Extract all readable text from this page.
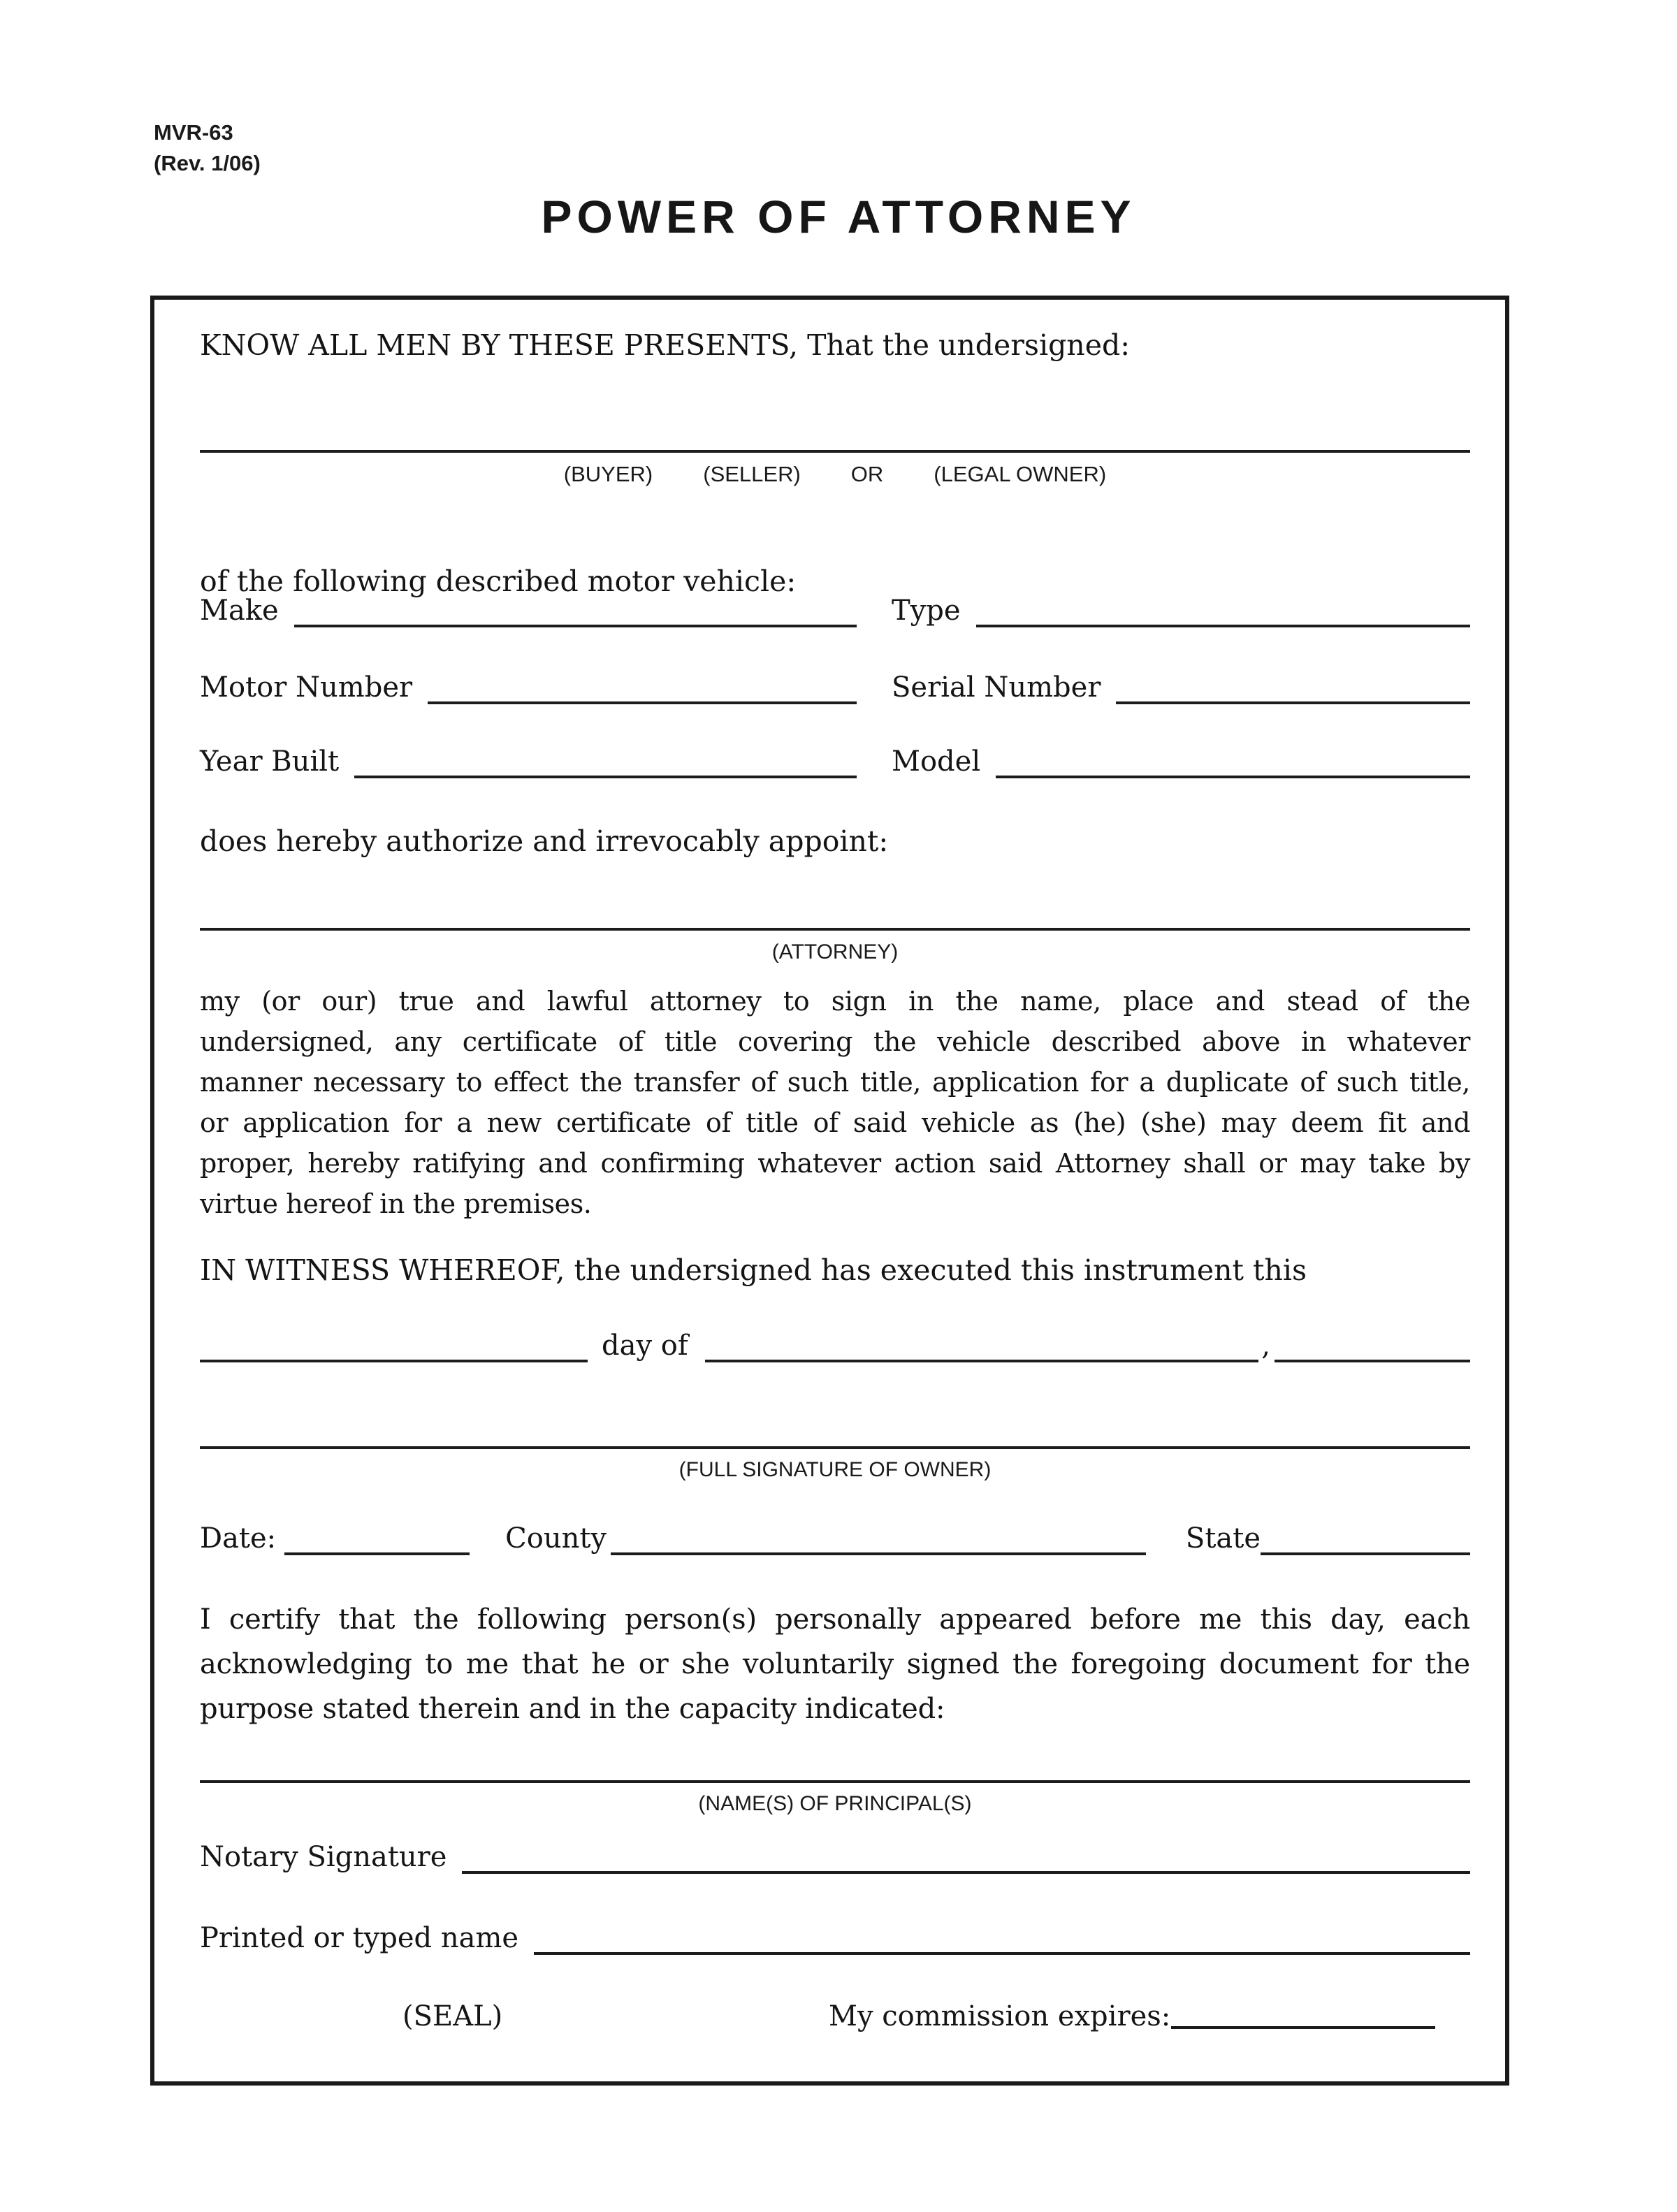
MVR-63
(Rev. 1/06)
POWER OF ATTORNEY
KNOW ALL MEN BY THESE PRESENTS, That the undersigned:
(BUYER) (SELLER) OR (LEGAL OWNER)
of the following described motor vehicle:
Make	Type
Motor Number	Serial Number
Year Built	Model
does hereby authorize and irrevocably appoint:
(ATTORNEY)
my (or our) true and lawful attorney to sign in the name, place and stead of the
undersigned, any certificate of title covering the vehicle described above in whatever
manner necessary to effect the transfer of such title, application for a duplicate of such title,
or application for a new certificate of title of said vehicle as (he) (she) may deem fit and
proper, hereby ratifying and confirming whatever action said Attorney shall or may take by
virtue hereof in the premises.
IN WITNESS WHEREOF, the undersigned has executed this instrument this
day of	,
(FULL SIGNATURE OF OWNER)
Date:	County	State
I certify that the following person(s) personally appeared before me this day, each
acknowledging to me that he or she voluntarily signed the foregoing document for the
purpose stated therein and in the capacity indicated:
(NAME(S) OF PRINCIPAL(S)
Notary Signature
Printed or typed name
(SEAL)	My commission expires:
